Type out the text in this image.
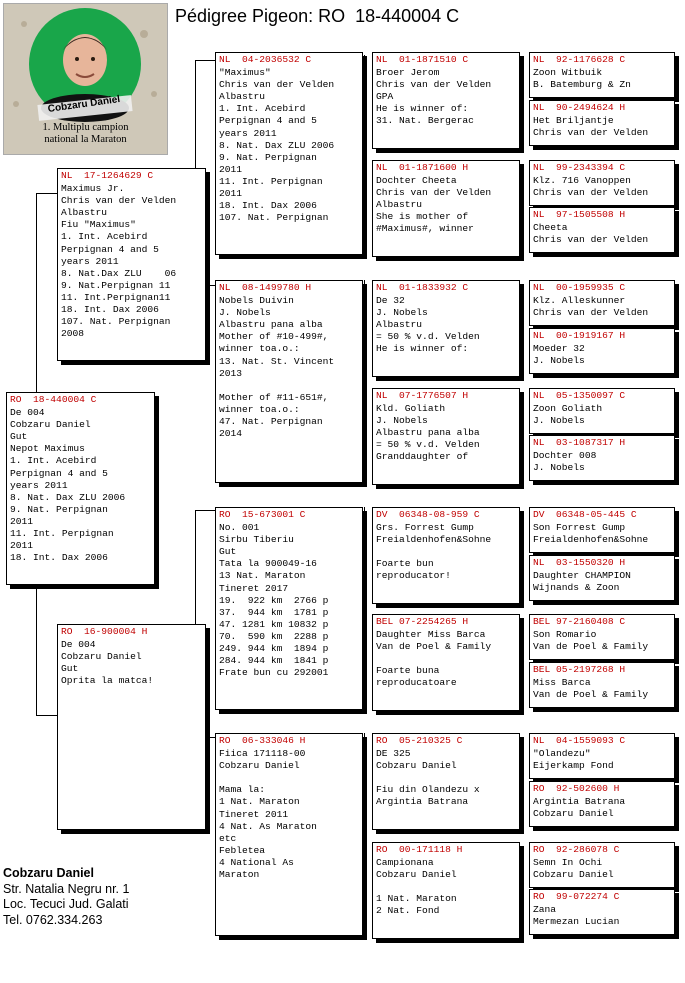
Cobzaru Daniel
1. Multiplu campion
national la Maraton
Pédigree Pigeon: RO  18-440004 C
RO  18-440004 C
De 004
Cobzaru Daniel
Gut
Nepot Maximus
1. Int. Acebird
Perpignan 4 and 5
years 2011
8. Nat. Dax ZLU 2006
9. Nat. Perpignan
2011
11. Int. Perpignan
2011
18. Int. Dax 2006
NL  17-1264629 C
Maximus Jr.
Chris van der Velden
Albastru
Fiu "Maximus"
1. Int. Acebird
Perpignan 4 and 5
years 2011
8. Nat.Dax ZLU    06
9. Nat.Perpignan 11
11. Int.Perpignan11
18. Int. Dax 2006
107. Nat. Perpignan
2008
RO  16-900004 H
De 004
Cobzaru Daniel
Gut
Oprita la matca!
NL  04-2036532 C
"Maximus"
Chris van der Velden
Albastru
1. Int. Acebird
Perpignan 4 and 5
years 2011
8. Nat. Dax ZLU 2006
9. Nat. Perpignan
2011
11. Int. Perpignan
2011
18. Int. Dax 2006
107. Nat. Perpignan
NL  08-1499780 H
Nobels Duivin
J. Nobels
Albastru pana alba
Mother of #10-499#,
winner toa.o.:
13. Nat. St. Vincent
2013

Mother of #11-651#,
winner toa.o.:
47. Nat. Perpignan
2014
RO  15-673001 C
No. 001
Sirbu Tiberiu
Gut
Tata la 900049-16
13 Nat. Maraton
Tineret 2017
19.  922 km  2766 p
37.  944 km  1781 p
47. 1281 km 10832 p
70.  590 km  2288 p
249. 944 km  1894 p
284. 944 km  1841 p
Frate bun cu 292001
RO  06-333046 H
Fiica 171118-00
Cobzaru Daniel

Mama la:
1 Nat. Maraton
Tineret 2011
4 Nat. As Maraton
etc
Febletea
4 National As
Maraton
NL  01-1871510 C
Broer Jerom
Chris van der Velden
GPA
He is winner of:
31. Nat. Bergerac
NL  01-1871600 H
Dochter Cheeta
Chris van der Velden
Albastru
She is mother of
#Maximus#, winner
NL  01-1833932 C
De 32
J. Nobels
Albastru
= 50 % v.d. Velden
He is winner of:
NL  07-1776507 H
Kld. Goliath
J. Nobels
Albastru pana alba
= 50 % v.d. Velden
Granddaughter of
DV  06348-08-959 C
Grs. Forrest Gump
Freialdenhofen&Sohne

Foarte bun
reproducator!
BEL 07-2254265 H
Daughter Miss Barca
Van de Poel & Family

Foarte buna
reproducatoare
RO  05-210325 C
DE 325
Cobzaru Daniel

Fiu din Olandezu x
Argintia Batrana
RO  00-171118 H
Campionana
Cobzaru Daniel

1 Nat. Maraton
2 Nat. Fond
NL  92-1176628 C
Zoon Witbuik
B. Batemburg & Zn
NL  90-2494624 H
Het Briljantje
Chris van der Velden
NL  99-2343394 C
Klz. 716 Vanoppen
Chris van der Velden
NL  97-1505508 H
Cheeta
Chris van der Velden
NL  00-1959935 C
Klz. Alleskunner
Chris van der Velden
NL  00-1919167 H
Moeder 32
J. Nobels
NL  05-1350097 C
Zoon Goliath
J. Nobels
NL  03-1087317 H
Dochter 008
J. Nobels
DV  06348-05-445 C
Son Forrest Gump
Freialdenhofen&Sohne
NL  03-1550320 H
Daughter CHAMPION
Wijnands & Zoon
BEL 97-2160408 C
Son Romario
Van de Poel & Family
BEL 05-2197268 H
Miss Barca
Van de Poel & Family
NL  04-1559093 C
"Olandezu"
Eijerkamp Fond
RO  92-502600 H
Argintia Batrana
Cobzaru Daniel
RO  92-286078 C
Semn In Ochi
Cobzaru Daniel
RO  99-072274 C
Zana
Mermezan Lucian
Cobzaru Daniel
Str. Natalia Negru nr. 1
Loc. Tecuci Jud. Galati
Tel. 0762.334.263
